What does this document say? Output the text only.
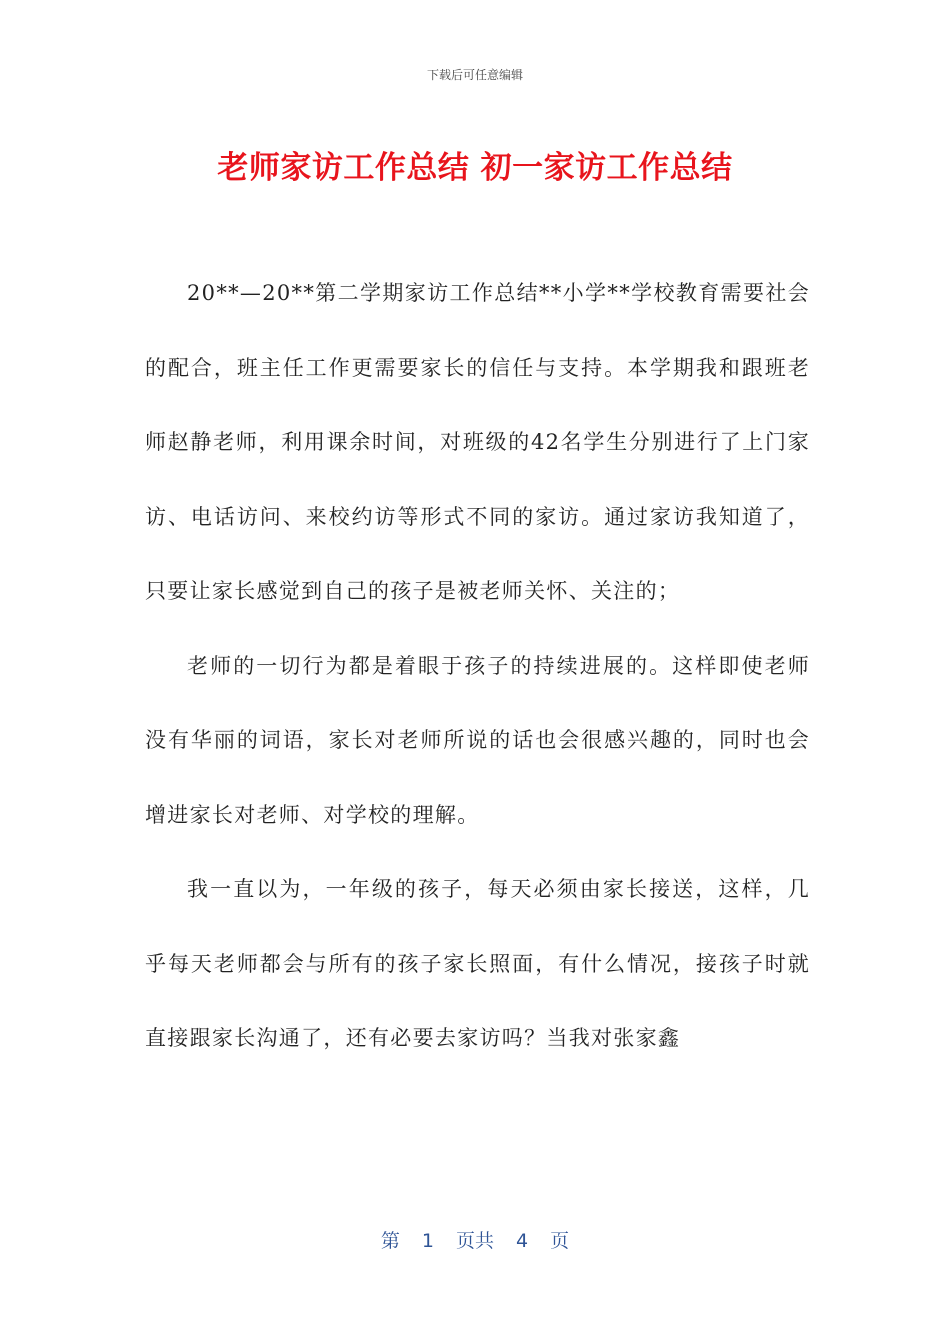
下载后可任意编辑
老师家访工作总结 初一家访工作总结

20**—20**第二学期家访工作总结**小学**学校教育需要社会的配合，班主任工作更需要家长的信任与支持。本学期我和跟班老师赵静老师，利用课余时间，对班级的42名学生分别进行了上门家访、电话访问、来校约访等形式不同的家访。通过家访我知道了，只要让家长感觉到自己的孩子是被老师关怀、关注的；

老师的一切行为都是着眼于孩子的持续进展的。这样即使老师没有华丽的词语，家长对老师所说的话也会很感兴趣的，同时也会增进家长对老师、对学校的理解。

我一直以为，一年级的孩子，每天必须由家长接送，这样，几乎每天老师都会与所有的孩子家长照面，有什么情况，接孩子时就直接跟家长沟通了，还有必要去家访吗？当我对张家鑫

第 1 页共 4 页
